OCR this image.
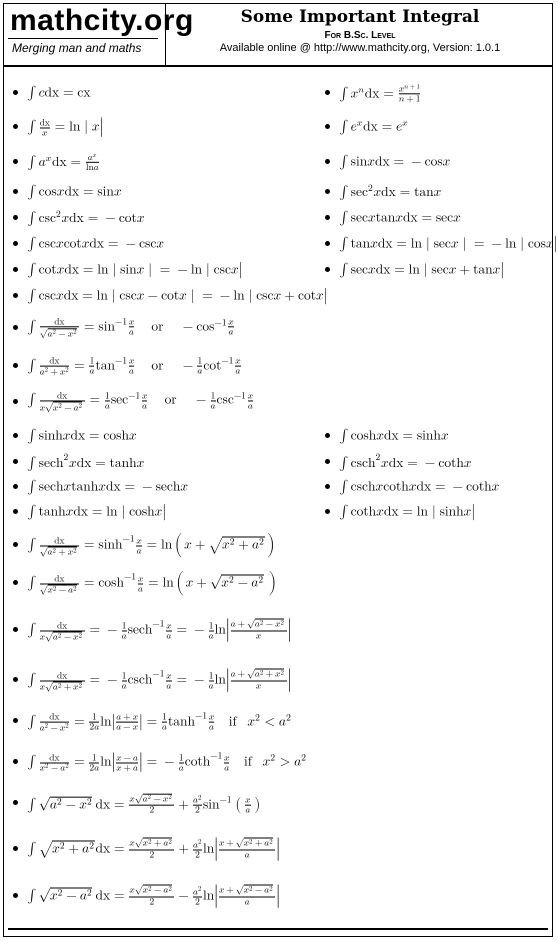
mathcity.org
Merging man and maths
Some Important Integral
For B.Sc. Level
Available online @ http://www.mathcity.org, Version: 1.0.1
∫ c dx = cx
∫ dx
𝑥 = ln | x |
∫ a x dx = a x
ln a
∫ cos x dx = sin x
∫ csc 2 x dx = − cot x
∫ csc x cot x dx = − csc x
∫ cot x dx = ln | sin x | = − ln | csc x |
∫ csc x dx = ln | csc x − cot x | = − ln | csc x + cot x |
∫ dx
𝑎 2 − x 2 = sin − 1 x
𝑎 or − cos − 1 x
𝑎
∫ dx
𝑎 2 + x 2 = 1
𝑎 tan − 1 x
𝑎 or − 1
𝑎 cot − 1 x
𝑎
∫ dx
𝑥 x 2 − a 2 = 1
𝑎 sec − 1 x
𝑎 or − 1
𝑎 csc − 1 x
𝑎
∫ sinh x dx = cosh x
∫ sech 2 x dx = tanh x
∫ sech x tanh x dx = − sech x
∫ tanh x dx = ln | cosh x |
∫ dx
𝑎 2 + x 2 = sinh − 1 x
𝑎 = ln ( x + x 2 + a 2 )
∫ dx
𝑥 2 − a 2 = cosh − 1 x
𝑎 = ln ( x + x 2 − a 2 )
∫ dx
𝑥 a 2 − x 2 = − 1
𝑎 sech − 1 x
𝑎 = − 1
𝑎 ln | a + a 2 − x 2
𝑥
|
∫ dx
𝑥 a 2 + x 2 = − 1
𝑎 csch − 1 x
𝑎 = − 1
𝑎 ln | a + a 2 + x 2
𝑥
|
∫ dx
𝑎 2 − x 2 = 1
2 a ln | a + x
𝑎 − x | = 1
𝑎 tanh − 1 x
𝑎 if x 2 < a 2
∫ dx
𝑥 2 − a 2 = 1
2 a ln | x − a
𝑥 + a
| = − 1
𝑎 coth − 1 x
𝑎 if x 2 > a 2
∫ a 2 − x 2 dx = x a 2 − x 2
2 + a 2
2 sin − 1 ( x
𝑎 )
∫ x 2 + a 2 dx = x x 2 + a 2
2 + a 2
2 ln | x + x 2 + a 2
𝑎
|
∫ x 2 − a 2 dx = x x 2 − a 2
2 − a 2
2 ln | x + x 2 − a 2
𝑎
|
∫ x n dx = x n + 1
𝑛 + 1
∫ e x dx = e x
∫ sin x dx = − cos x
∫ sec 2 x dx = tan x
∫ sec x tan x dx = sec x
∫ tan x dx = ln | sec x | = − ln | cos x |
∫ sec x dx = ln | sec x + tan x |
∫ cosh x dx = sinh x
∫ csch 2 x dx = − coth x
∫ csch x coth x dx = − coth x
∫ coth x dx = ln | sinh x |
